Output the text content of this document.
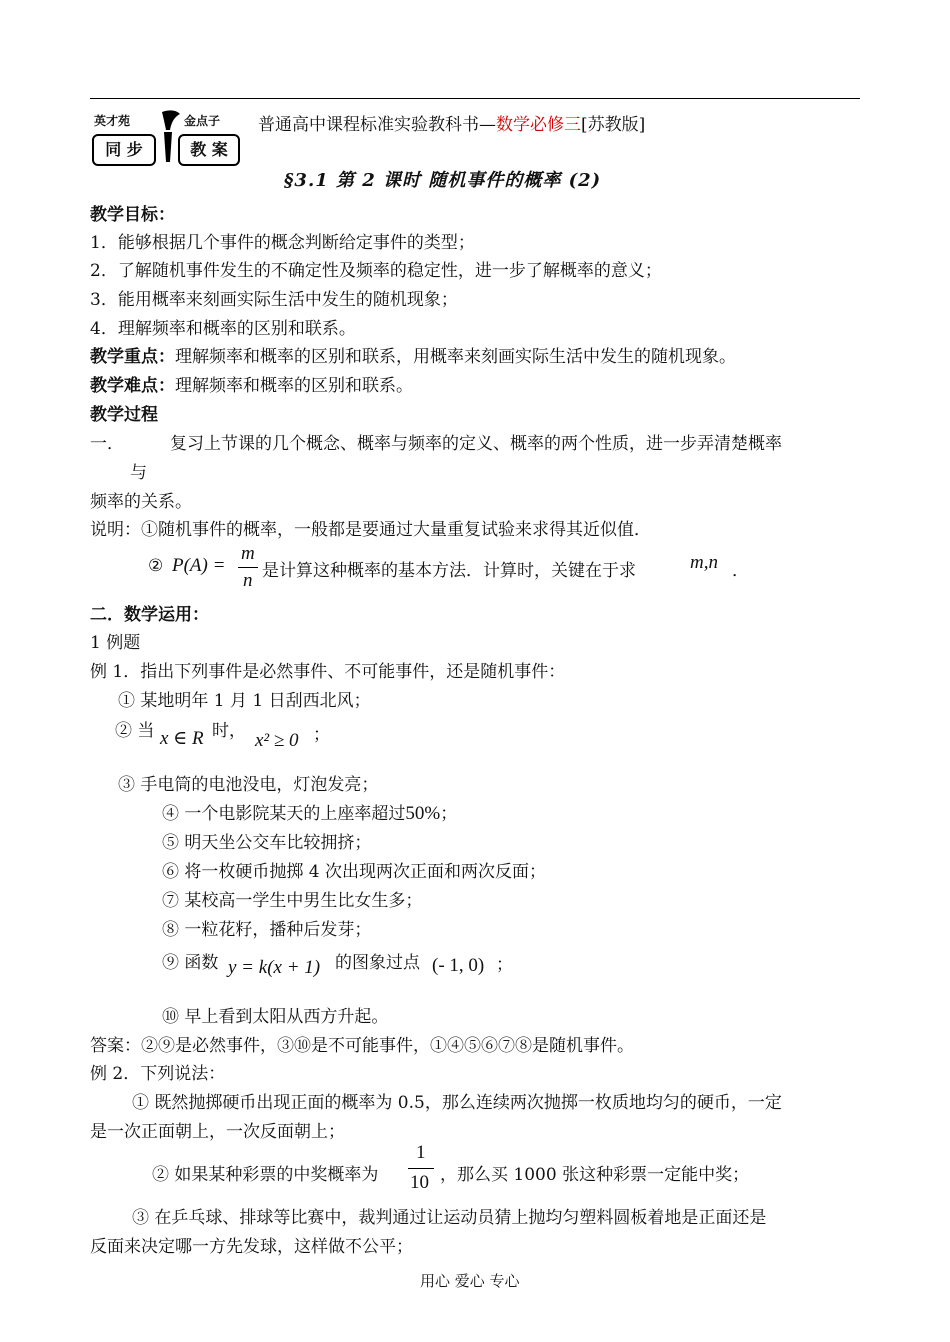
英才苑	金点子
同 步	教 案
普通高中课程标准实验教科书—数学必修三[苏教版]
§3.1 第 2 课时 随机事件的概率 (2)
教学目标：
1．能够根据几个事件的概念判断给定事件的类型；
2．了解随机事件发生的不确定性及频率的稳定性，进一步了解概率的意义；
3．能用概率来刻画实际生活中发生的随机现象；
4．理解频率和概率的区别和联系。
教学重点：理解频率和概率的区别和联系，用概率来刻画实际生活中发生的随机现象。
教学难点：理解频率和概率的区别和联系。
教学过程
一．	复习上节课的几个概念、概率与频率的定义、概率的两个性质，进一步弄清楚概率
与
频率的关系。
说明：①随机事件的概率，一般都是要通过大量重复试验来求得其近似值．
② P(A) =
m
n 是计算这种概率的基本方法．计算时，关键在于求	m,n ．
二．数学运用：
1 例题
例 1．指出下列事件是必然事件、不可能事件，还是随机事件：
① 某地明年 1 月 1 日刮西北风；
② 当 x ∈ R 时， x² ≥ 0 ；
③ 手电筒的电池没电，灯泡发亮；
④ 一个电影院某天的上座率超过50%；
⑤ 明天坐公交车比较拥挤；
⑥ 将一枚硬币抛掷 4 次出现两次正面和两次反面；
⑦ 某校高一学生中男生比女生多；
⑧ 一粒花籽，播种后发芽；
⑨ 函数 y = k(x + 1) 的图象过点 (- 1, 0) ；
⑩ 早上看到太阳从西方升起。
答案：②⑨是必然事件，③⑩是不可能事件，①④⑤⑥⑦⑧是随机事件。
例 2．下列说法：
① 既然抛掷硬币出现正面的概率为 0.5，那么连续两次抛掷一枚质地均匀的硬币，一定
是一次正面朝上，一次反面朝上；
② 如果某种彩票的中奖概率为
1
10 ，那么买 1000 张这种彩票一定能中奖；
③ 在乒乓球、排球等比赛中，裁判通过让运动员猜上抛均匀塑料圆板着地是正面还是
反面来决定哪一方先发球，这样做不公平；
用心 爱心 专心
